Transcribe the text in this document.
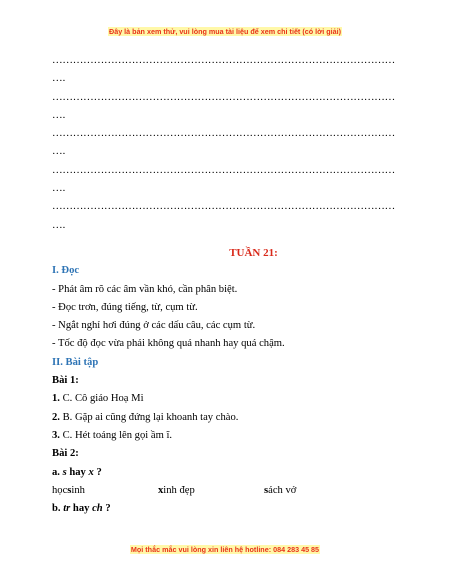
Đây là bản xem thử, vui lòng mua tài liệu để xem chi tiết (có lời giải)
………………………………………………………………………………………
….
………………………………………………………………………………………
….
………………………………………………………………………………………
….
………………………………………………………………………………………
….
………………………………………………………………………………………
….
TUẦN 21:
I. Đọc
- Phát âm rõ các âm vần khó, cần phân biệt.
- Đọc trơn, đúng tiếng, từ, cụm từ.
- Ngắt nghỉ hơi đúng ở các dấu câu, các cụm từ.
- Tốc độ đọc vừa phải không quá nhanh hay quá chậm.
II. Bài tập
Bài 1:
1. C. Cô giáo Hoạ Mi
2. B. Gặp ai cũng đứng lại khoanh tay chào.
3. C. Hét toáng lên gọi ầm ĩ.
Bài 2:
a. s hay x ?
họcsinh	xinh đẹp	sách vở
b. tr hay ch ?
Mọi thắc mắc vui lòng xin liên hệ hotline: 084 283 45 85
